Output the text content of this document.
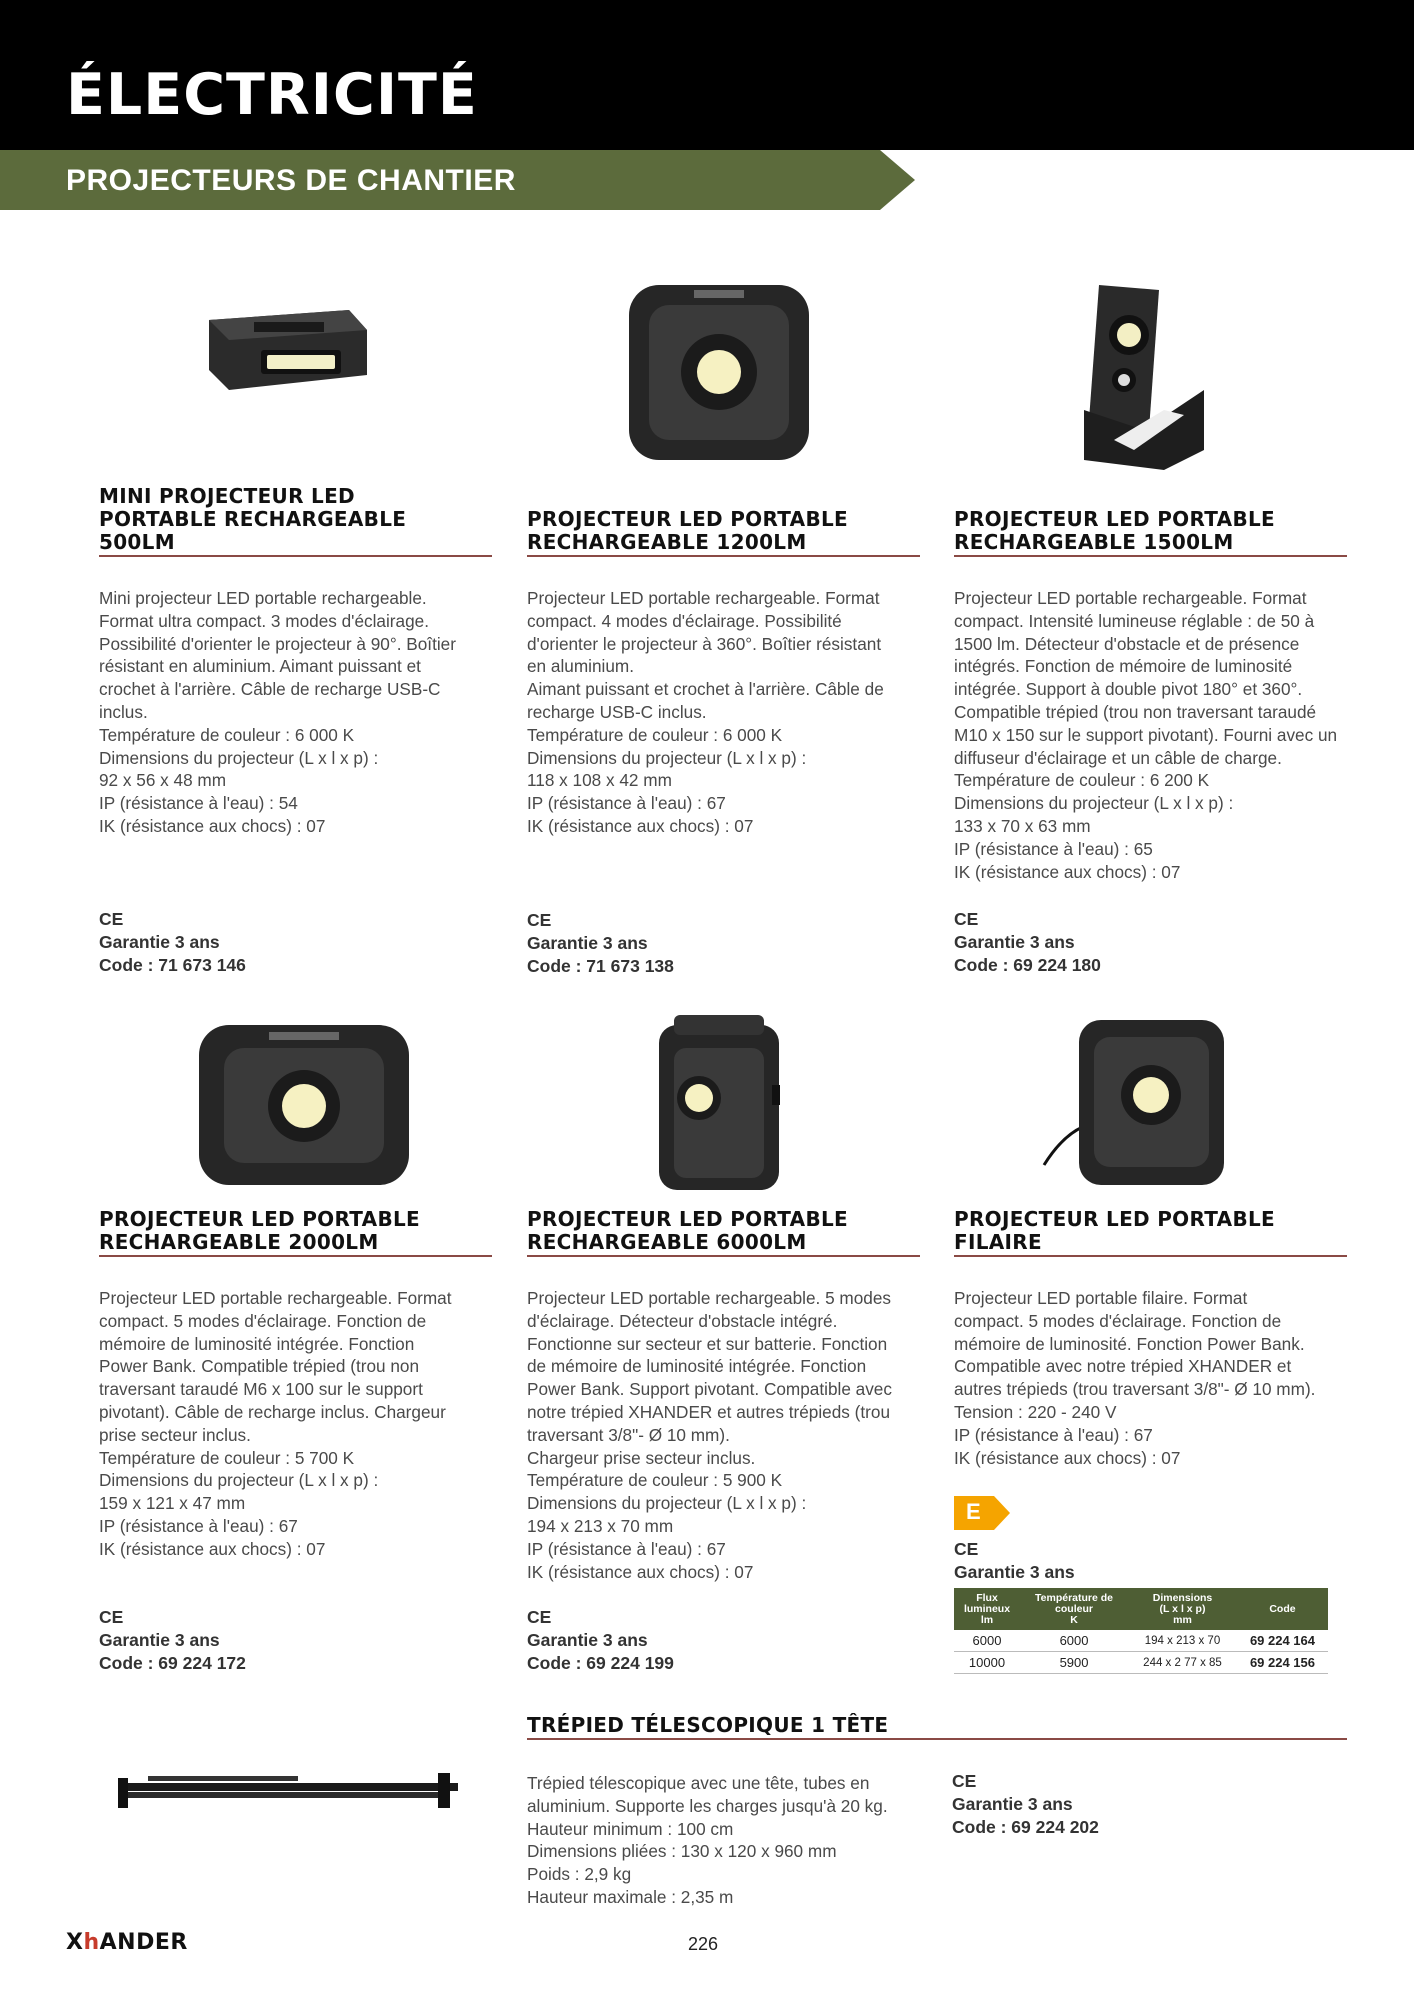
ÉLECTRICITÉ
PROJECTEURS DE CHANTIER
MINI PROJECTEUR LED
PORTABLE RECHARGEABLE
500LM

Mini projecteur LED portable rechargeable.
Format ultra compact. 3 modes d'éclairage.
Possibilité d'orienter le projecteur à 90°. Boîtier
résistant en aluminium. Aimant puissant et
crochet à l'arrière. Câble de recharge USB-C
inclus.
Température de couleur : 6 000 K
Dimensions du projecteur (L x l x p) :
92 x 56 x 48 mm
IP (résistance à l'eau) : 54
IK (résistance aux chocs) : 07

CE
Garantie 3 ans
Code : 71 673 146
PROJECTEUR LED PORTABLE
RECHARGEABLE 1200LM

Projecteur LED portable rechargeable. Format
compact. 4 modes d'éclairage. Possibilité
d'orienter le projecteur à 360°. Boîtier résistant
en aluminium.
Aimant puissant et crochet à l'arrière. Câble de
recharge USB-C inclus.
Température de couleur : 6 000 K
Dimensions du projecteur (L x l x p) :
118 x 108 x 42 mm
IP (résistance à l'eau) : 67
IK (résistance aux chocs) : 07

CE
Garantie 3 ans
Code : 71 673 138
PROJECTEUR LED PORTABLE
RECHARGEABLE 1500LM

Projecteur LED portable rechargeable. Format
compact. Intensité lumineuse réglable : de 50 à
1500 lm. Détecteur d'obstacle et de présence
intégrés. Fonction de mémoire de luminosité
intégrée. Support à double pivot 180° et 360°.
Compatible trépied (trou non traversant taraudé
M10 x 150 sur le support pivotant). Fourni avec un
diffuseur d'éclairage et un câble de charge.
Température de couleur : 6 200 K
Dimensions du projecteur (L x l x p) :
133 x 70 x 63 mm
IP (résistance à l'eau) : 65
IK (résistance aux chocs) : 07

CE
Garantie 3 ans
Code : 69 224 180
PROJECTEUR LED PORTABLE
RECHARGEABLE 2000LM

Projecteur LED portable rechargeable. Format
compact. 5 modes d'éclairage. Fonction de
mémoire de luminosité intégrée. Fonction
Power Bank. Compatible trépied (trou non
traversant taraudé M6 x 100 sur le support
pivotant). Câble de recharge inclus. Chargeur
prise secteur inclus.
Température de couleur : 5 700 K
Dimensions du projecteur (L x l x p) :
159 x 121 x 47 mm
IP (résistance à l'eau) : 67
IK (résistance aux chocs) : 07

CE
Garantie 3 ans
Code : 69 224 172
PROJECTEUR LED PORTABLE
RECHARGEABLE 6000LM

Projecteur LED portable rechargeable. 5 modes
d'éclairage. Détecteur d'obstacle intégré.
Fonctionne sur secteur et sur batterie. Fonction
de mémoire de luminosité intégrée. Fonction
Power Bank. Support pivotant. Compatible avec
notre trépied XHANDER et autres trépieds (trou
traversant 3/8"- Ø 10 mm).
Chargeur prise secteur inclus.
Température de couleur : 5 900 K
Dimensions du projecteur (L x l x p) :
194 x 213 x 70 mm
IP (résistance à l'eau) : 67
IK (résistance aux chocs) : 07

CE
Garantie 3 ans
Code : 69 224 199
PROJECTEUR LED PORTABLE
FILAIRE

Projecteur LED portable filaire. Format
compact. 5 modes d'éclairage. Fonction de
mémoire de luminosité. Fonction Power Bank.
Compatible avec notre trépied XHANDER et
autres trépieds (trou traversant 3/8"- Ø 10 mm).
Tension : 220 - 240 V
IP (résistance à l'eau) : 67
IK (résistance aux chocs) : 07

E
CE
Garantie 3 ans
Flux
lumineux
lm	Température de
couleur
K	Dimensions
(L x l x p)
mm	Code
6000	6000	194 x 213 x 70	69 224 164
10000	5900	244 x 2 77 x 85	69 224 156
TRÉPIED TÉLESCOPIQUE 1 TÊTE

Trépied télescopique avec une tête, tubes en
aluminium. Supporte les charges jusqu'à 20 kg.
Hauteur minimum : 100 cm
Dimensions pliées : 130 x 120 x 960 mm
Poids : 2,9 kg
Hauteur maximale : 2,35 m

CE
Garantie 3 ans
Code : 69 224 202
XhANDER	226
